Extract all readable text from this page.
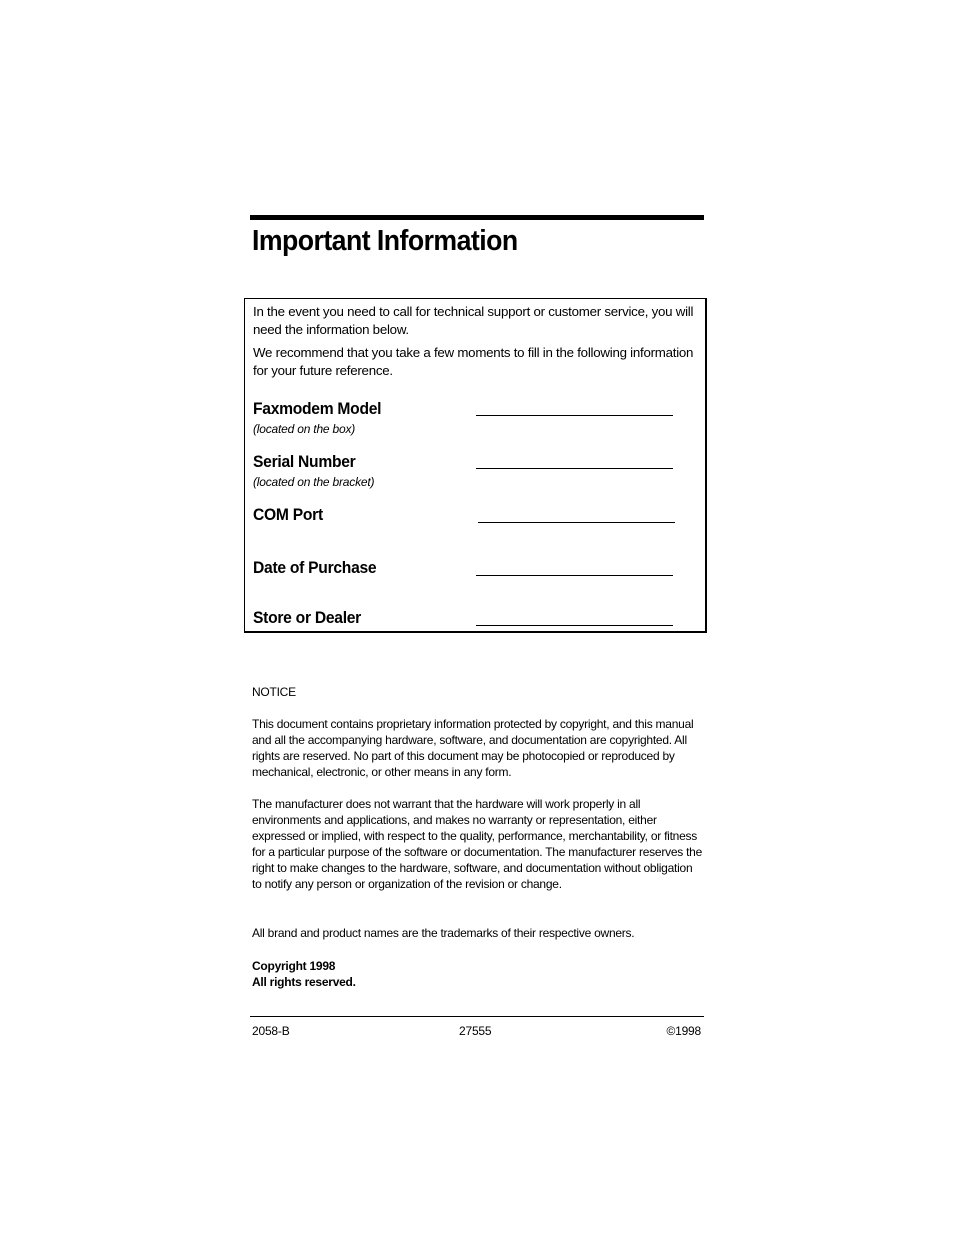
Important Information

In the event you need to call for technical support or customer service, you will need the information below.

We recommend that you take a few moments to fill in the following information for your future reference.

Faxmodem Model

(located on the box)

Serial Number

(located on the bracket)

COM Port

Date of Purchase

Store or Dealer

NOTICE

This document contains proprietary information protected by copyright, and this manual and all the accompanying hardware, software, and documentation are copyrighted. All rights are reserved. No part of this document may be photocopied or reproduced by mechanical, electronic, or other means in any form.

The manufacturer does not warrant that the hardware will work properly in all environments and applications, and makes no warranty or representation, either expressed or implied, with respect to the quality, performance, merchantability, or fitness for a particular purpose of the software or documentation. The manufacturer reserves the right to make changes to the hardware, software, and documentation without obligation to notify any person or organization of the revision or change.

All brand and product names are the trademarks of their respective owners.

Copyright 1998
All rights reserved.

2058-B	27555	©1998
